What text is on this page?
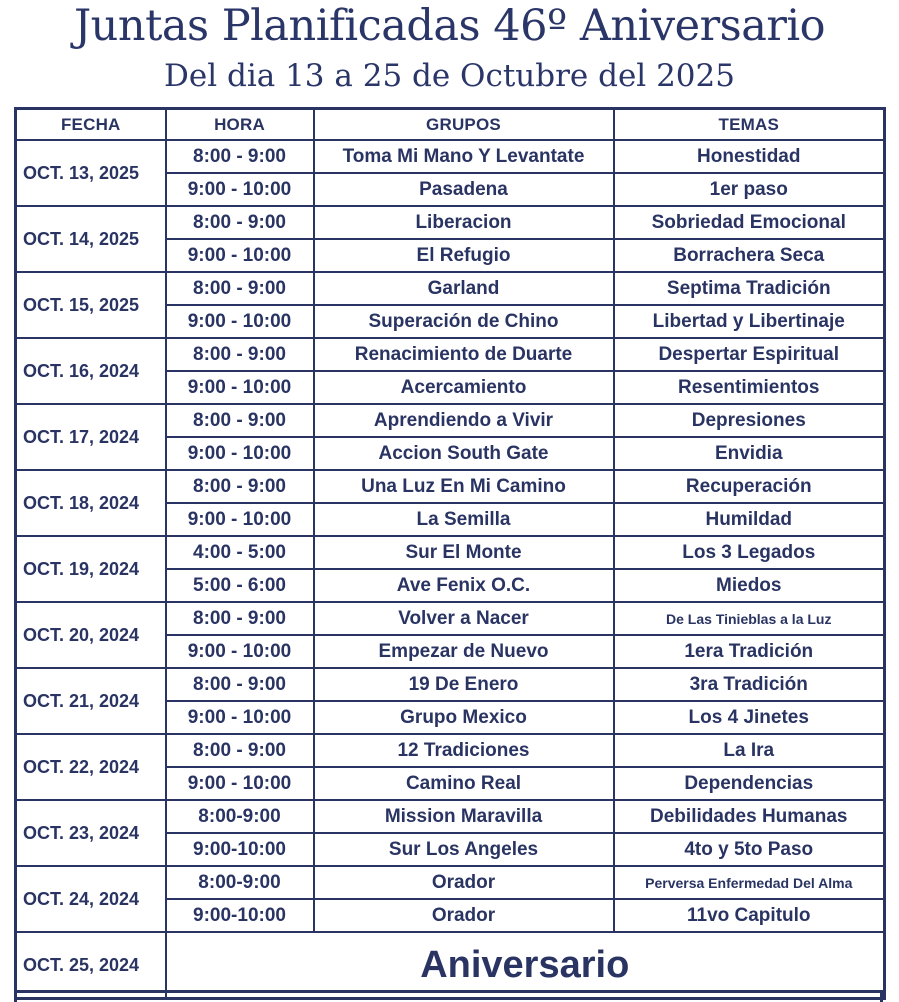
Juntas Planificadas 46º Aniversario
Del dia 13 a 25 de Octubre del 2025
FECHA	HORA	GRUPOS	TEMAS
OCT. 13, 2025	8:00 - 9:00	Toma Mi Mano Y Levantate	Honestidad
	9:00 - 10:00	Pasadena	1er paso
OCT. 14, 2025	8:00 - 9:00	Liberacion	Sobriedad Emocional
	9:00 - 10:00	El Refugio	Borrachera Seca
OCT. 15, 2025	8:00 - 9:00	Garland	Septima Tradición
	9:00 - 10:00	Superación de Chino	Libertad y Libertinaje
OCT. 16, 2024	8:00 - 9:00	Renacimiento de Duarte	Despertar Espiritual
	9:00 - 10:00	Acercamiento	Resentimientos
OCT. 17, 2024	8:00 - 9:00	Aprendiendo a Vivir	Depresiones
	9:00 - 10:00	Accion South Gate	Envidia
OCT. 18, 2024	8:00 - 9:00	Una Luz En Mi Camino	Recuperación
	9:00 - 10:00	La Semilla	Humildad
OCT. 19, 2024	4:00 - 5:00	Sur El Monte	Los 3 Legados
	5:00 - 6:00	Ave Fenix O.C.	Miedos
OCT. 20, 2024	8:00 - 9:00	Volver a Nacer	De Las Tinieblas a la Luz
	9:00 - 10:00	Empezar de Nuevo	1era Tradición
OCT. 21, 2024	8:00 - 9:00	19 De Enero	3ra Tradición
	9:00 - 10:00	Grupo Mexico	Los 4 Jinetes
OCT. 22, 2024	8:00 - 9:00	12 Tradiciones	La Ira
	9:00 - 10:00	Camino Real	Dependencias
OCT. 23, 2024	8:00-9:00	Mission Maravilla	Debilidades Humanas
	9:00-10:00	Sur Los Angeles	4to y 5to Paso
OCT. 24, 2024	8:00-9:00	Orador	Perversa Enfermedad Del Alma
	9:00-10:00	Orador	11vo Capitulo
OCT. 25, 2024	Aniversario		
